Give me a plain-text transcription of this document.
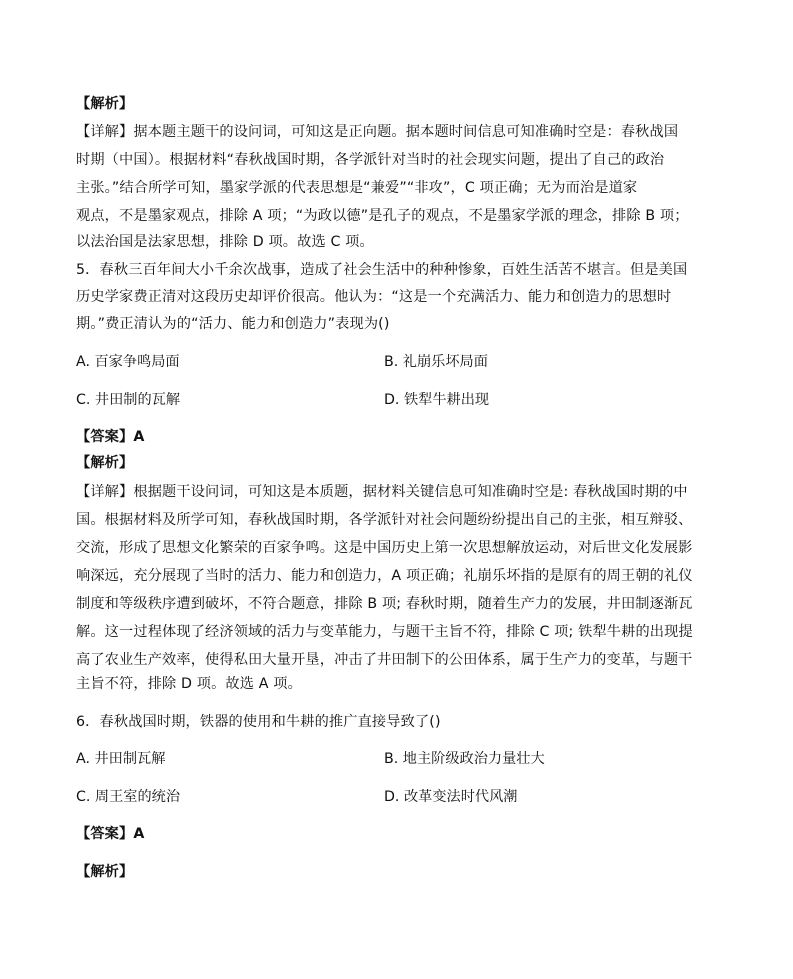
【解析】
【详解】据本题主题干的设问词，可知这是正向题。据本题时间信息可知准确时空是：春秋战国
时期（中国）。根据材料“春秋战国时期，各学派针对当时的社会现实问题，提出了自己的政治
主张。”结合所学可知，墨家学派的代表思想是“兼爱”“非攻”，C 项正确；无为而治是道家
观点，不是墨家观点，排除 A 项；“为政以德”是孔子的观点，不是墨家学派的理念，排除 B 项；
以法治国是法家思想，排除 D 项。故选 C 项。
5．春秋三百年间大小千余次战事，造成了社会生活中的种种惨象，百姓生活苦不堪言。但是美国
历史学家费正清对这段历史却评价很高。他认为：“这是一个充满活力、能力和创造力的思想时
期。”费正清认为的“活力、能力和创造力”表现为()
A. 百家争鸣局面	B. 礼崩乐坏局面
C. 井田制的瓦解	D. 铁犁牛耕出现
【答案】A
【解析】
【详解】根据题干设问词，可知这是本质题，据材料关键信息可知准确时空是: 春秋战国时期的中
国。根据材料及所学可知，春秋战国时期，各学派针对社会问题纷纷提出自己的主张，相互辩驳、
交流，形成了思想文化繁荣的百家争鸣。这是中国历史上第一次思想解放运动，对后世文化发展影
响深远，充分展现了当时的活力、能力和创造力，A 项正确；礼崩乐坏指的是原有的周王朝的礼仪
制度和等级秩序遭到破坏，不符合题意，排除 B 项; 春秋时期，随着生产力的发展，井田制逐渐瓦
解。这一过程体现了经济领域的活力与变革能力，与题干主旨不符，排除 C 项; 铁犁牛耕的出现提
高了农业生产效率，使得私田大量开垦，冲击了井田制下的公田体系，属于生产力的变革，与题干
主旨不符，排除 D 项。故选 A 项。
6．春秋战国时期，铁器的使用和牛耕的推广直接导致了()
A. 井田制瓦解	B. 地主阶级政治力量壮大
C. 周王室的统治	D. 改革变法时代风潮
【答案】A
【解析】
